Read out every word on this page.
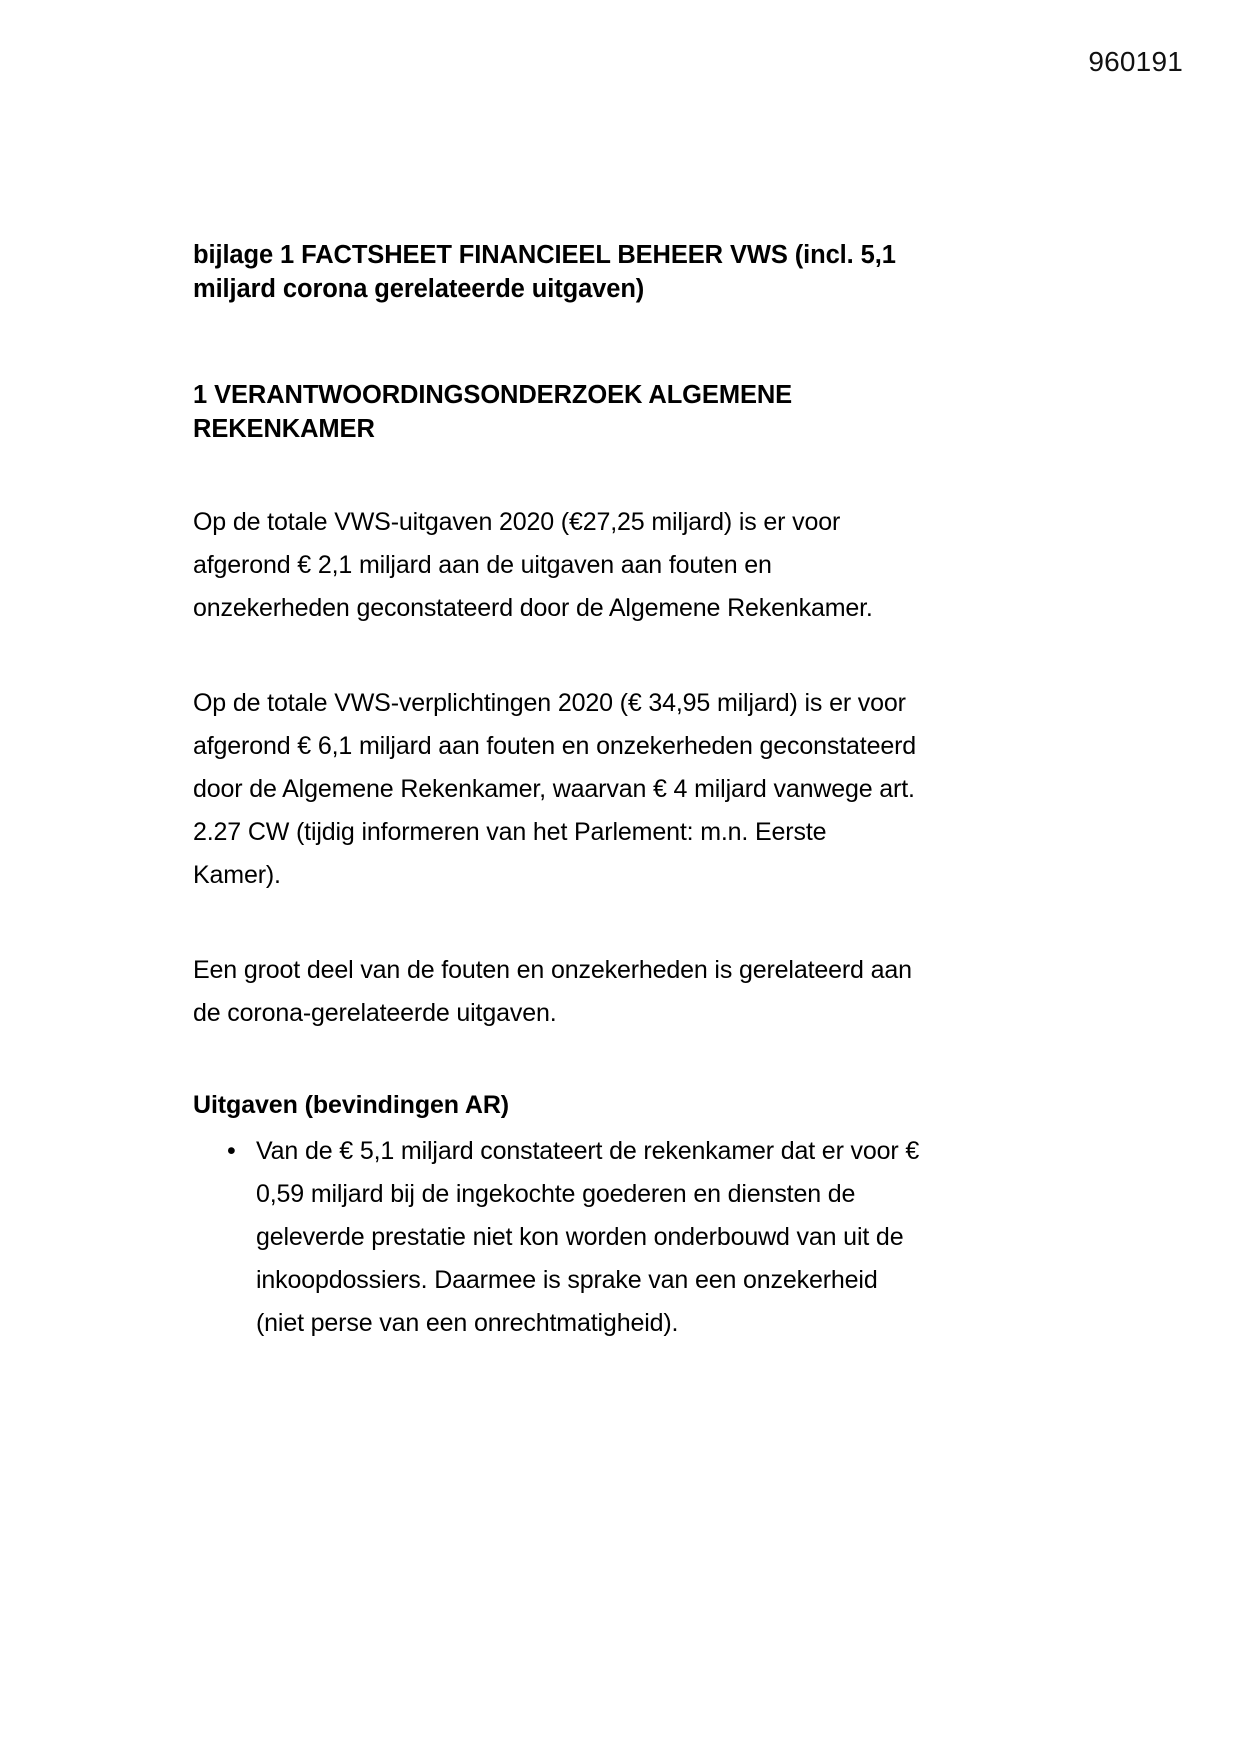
960191
bijlage 1 FACTSHEET FINANCIEEL BEHEER VWS (incl. 5,1 miljard corona gerelateerde uitgaven)
1 VERANTWOORDINGSONDERZOEK ALGEMENE REKENKAMER

Op de totale VWS-uitgaven 2020 (€27,25 miljard) is er voor afgerond € 2,1 miljard aan de uitgaven aan fouten en onzekerheden geconstateerd door de Algemene Rekenkamer.

Op de totale VWS-verplichtingen 2020 (€ 34,95 miljard) is er voor afgerond € 6,1 miljard aan fouten en onzekerheden geconstateerd door de Algemene Rekenkamer, waarvan € 4 miljard vanwege art. 2.27 CW (tijdig informeren van het Parlement: m.n. Eerste Kamer).

Een groot deel van de fouten en onzekerheden is gerelateerd aan de corona-gerelateerde uitgaven.

Uitgaven (bevindingen AR)
• Van de € 5,1 miljard constateert de rekenkamer dat er voor € 0,59 miljard bij de ingekochte goederen en diensten de geleverde prestatie niet kon worden onderbouwd van uit de inkoopdossiers. Daarmee is sprake van een onzekerheid (niet perse van een onrechtmatigheid).
